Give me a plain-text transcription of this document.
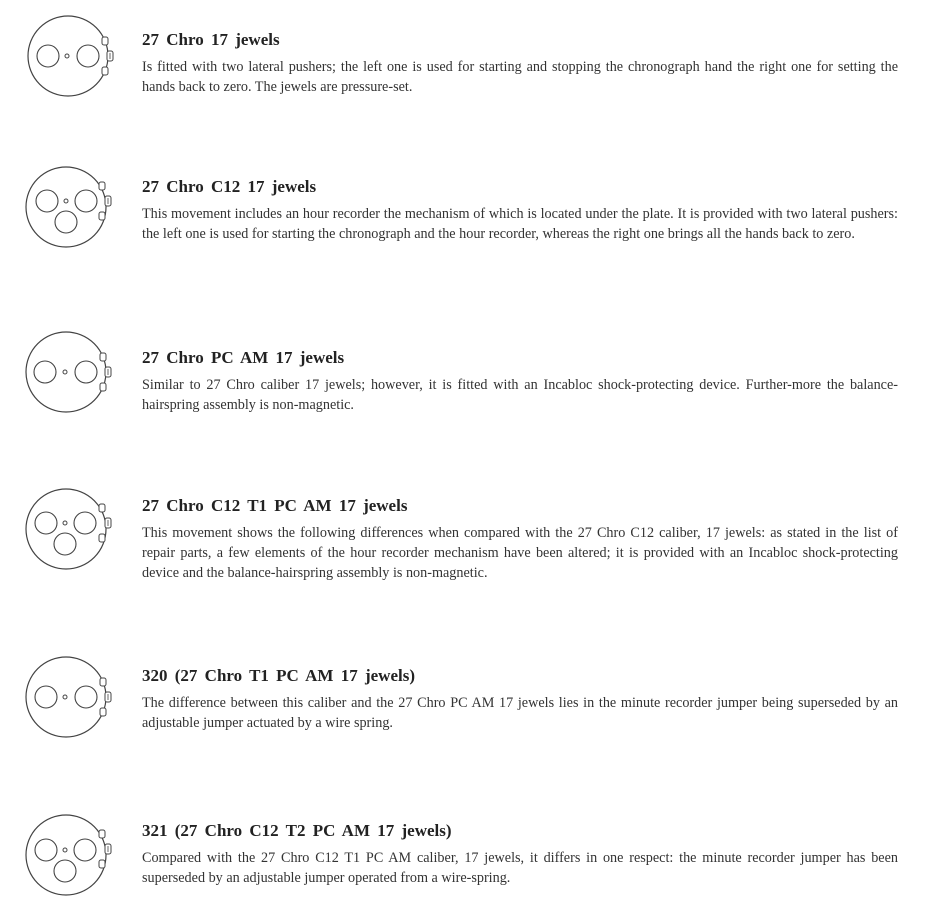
27 Chro 17 jewels

Is fitted with two lateral pushers; the left one is used for starting and stopping the chronograph hand the right one for setting the hands back to zero. The jewels are pressure-set.

27 Chro C12 17 jewels

This movement includes an hour recorder the mechanism of which is located under the plate. It is provided with two lateral pushers: the left one is used for starting the chronograph and the hour recorder, whereas the right one brings all the hands back to zero.

27 Chro PC AM 17 jewels

Similar to 27 Chro caliber 17 jewels; however, it is fitted with an Incabloc shock-protecting device. Further-more the balance-hairspring assembly is non-magnetic.

27 Chro C12 T1 PC AM 17 jewels

This movement shows the following differences when compared with the 27 Chro C12 caliber, 17 jewels: as stated in the list of repair parts, a few elements of the hour recorder mechanism have been altered; it is provided with an Incabloc shock-protecting device and the balance-hairspring assembly is non-magnetic.

320 (27 Chro T1 PC AM 17 jewels)

The difference between this caliber and the 27 Chro PC AM 17 jewels lies in the minute recorder jumper being superseded by an adjustable jumper actuated by a wire spring.

321 (27 Chro C12 T2 PC AM 17 jewels)

Compared with the 27 Chro C12 T1 PC AM caliber, 17 jewels, it differs in one respect: the minute recorder jumper has been superseded by an adjustable jumper operated from a wire-spring.
